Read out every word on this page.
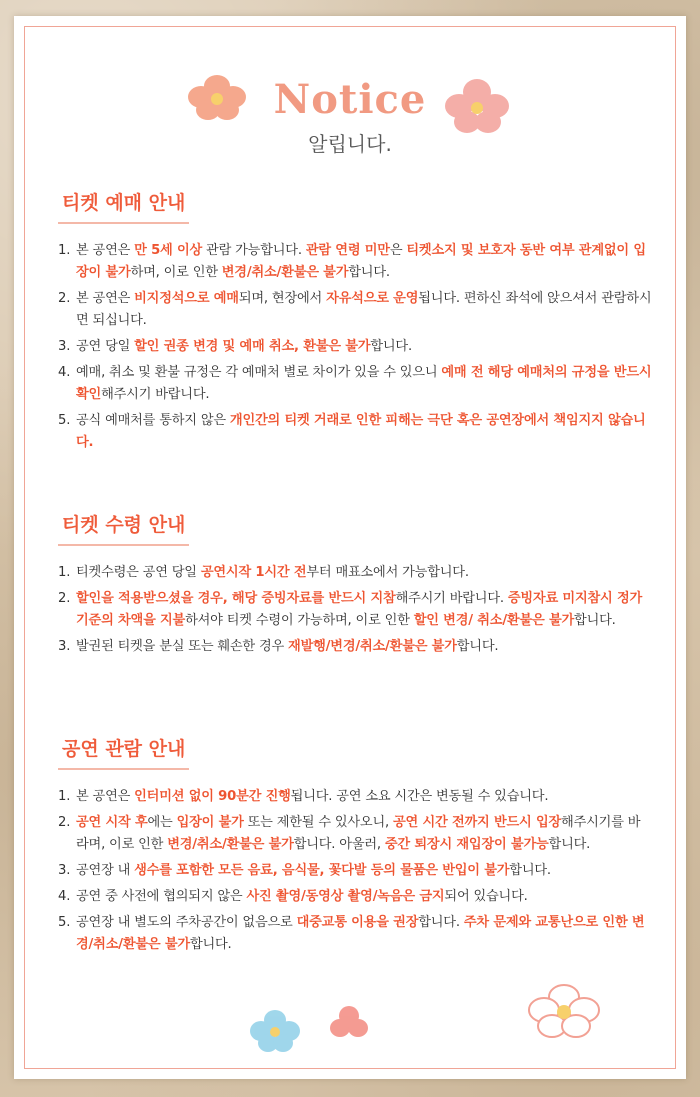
Notice
알립니다.
티켓 예매 안내
1. 본 공연은 만 5세 이상 관람 가능합니다. 관람 연령 미만은 티켓소지 및 보호자 동반 여부 관계없이 입장이 불가하며, 이로 인한 변경/취소/환불은 불가합니다.
2. 본 공연은 비지정석으로 예매되며, 현장에서 자유석으로 운영됩니다. 편하신 좌석에 앉으셔서 관람하시면 되십니다.
3. 공연 당일 할인 권종 변경 및 예매 취소, 환불은 불가합니다.
4. 예매, 취소 및 환불 규정은 각 예매처 별로 차이가 있을 수 있으니 예매 전 해당 예매처의 규정을 반드시 확인해주시기 바랍니다.
5. 공식 예매처를 통하지 않은 개인간의 티켓 거래로 인한 피해는 극단 혹은 공연장에서 책임지지 않습니다.
티켓 수령 안내
1. 티켓수령은 공연 당일 공연시작 1시간 전부터 매표소에서 가능합니다.
2. 할인을 적용받으셨을 경우, 해당 증빙자료를 반드시 지참해주시기 바랍니다. 증빙자료 미지참시 정가 기준의 차액을 지불하셔야 티켓 수령이 가능하며, 이로 인한 할인 변경/ 취소/환불은 불가합니다.
3. 발권된 티켓을 분실 또는 훼손한 경우 재발행/변경/취소/환불은 불가합니다.
공연 관람 안내
1. 본 공연은 인터미션 없이 90분간 진행됩니다. 공연 소요 시간은 변동될 수 있습니다.
2. 공연 시작 후에는 입장이 불가 또는 제한될 수 있사오니, 공연 시간 전까지 반드시 입장해주시기를 바라며, 이로 인한 변경/취소/환불은 불가합니다. 아울러, 중간 퇴장시 재입장이 불가능합니다.
3. 공연장 내 생수를 포함한 모든 음료, 음식물, 꽃다발 등의 물품은 반입이 불가합니다.
4. 공연 중 사전에 협의되지 않은 사진 촬영/동영상 촬영/녹음은 금지되어 있습니다.
5. 공연장 내 별도의 주차공간이 없음으로 대중교통 이용을 권장합니다. 주차 문제와 교통난으로 인한 변경/취소/환불은 불가합니다.
